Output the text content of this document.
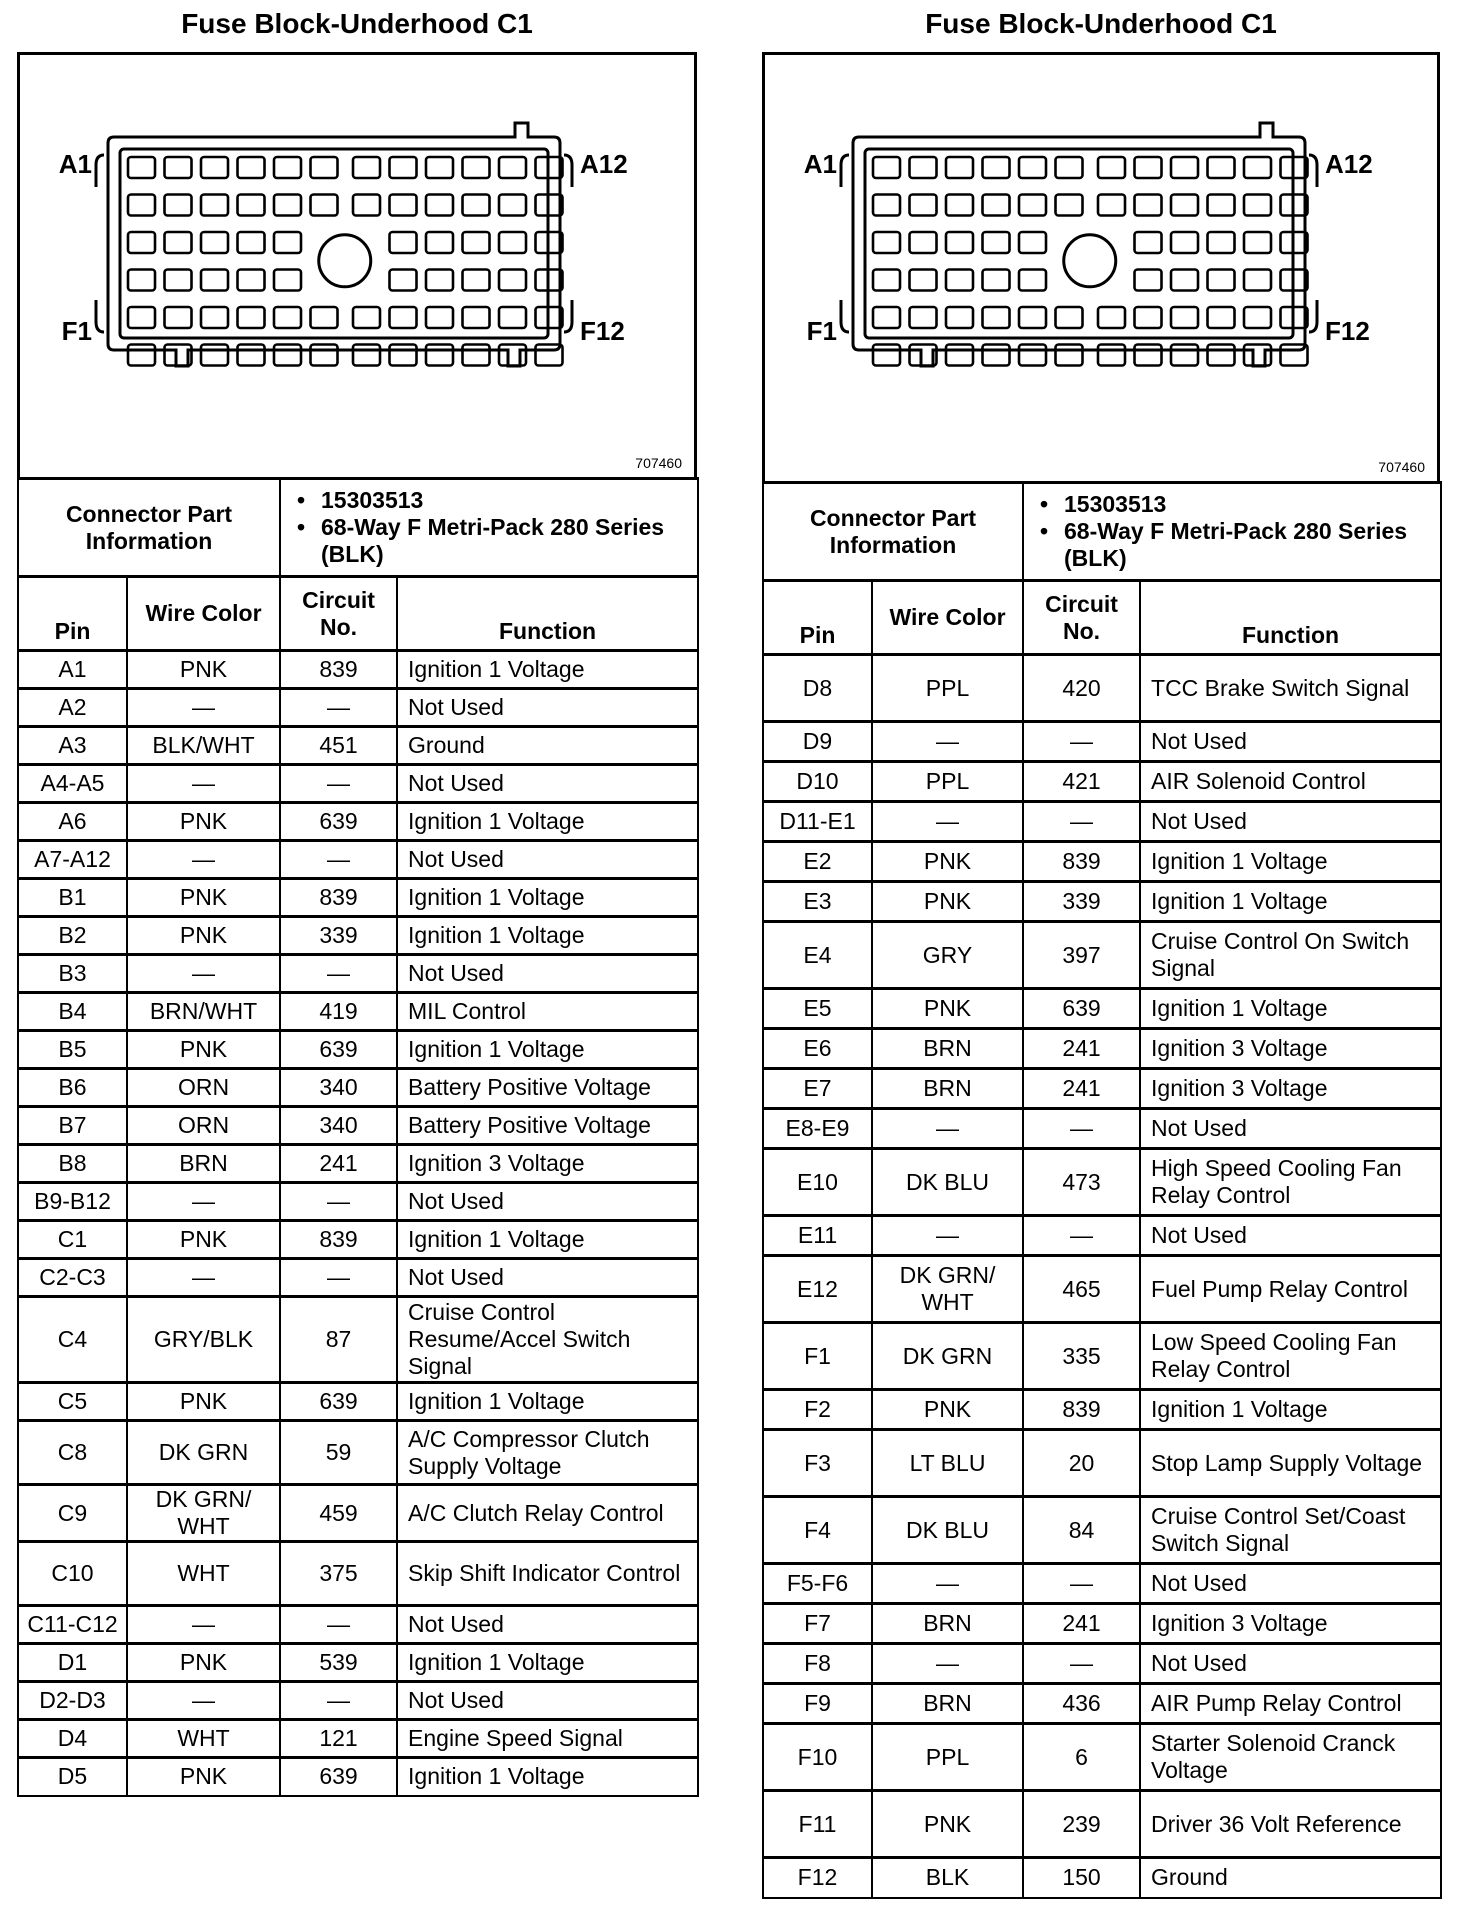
Fuse Block-Underhood C1
A1	A12
F1	F12
707460
Connector Part Information		• 15303513
• 68-Way F Metri-Pack 280 Series (BLK)

Pin	Wire Color	Circuit No.	Function
A1	PNK	839	Ignition 1 Voltage
A2	—	—	Not Used
A3	BLK/WHT	451	Ground
A4-A5	—	—	Not Used
A6	PNK	639	Ignition 1 Voltage
A7-A12	—	—	Not Used
B1	PNK	839	Ignition 1 Voltage
B2	PNK	339	Ignition 1 Voltage
B3	—	—	Not Used
B4	BRN/WHT	419	MIL Control
B5	PNK	639	Ignition 1 Voltage
B6	ORN	340	Battery Positive Voltage
B7	ORN	340	Battery Positive Voltage
B8	BRN	241	Ignition 3 Voltage
B9-B12	—	—	Not Used
C1	PNK	839	Ignition 1 Voltage
C2-C3	—	—	Not Used
C4	GRY/BLK	87	Cruise Control Resume/Accel Switch Signal
C5	PNK	639	Ignition 1 Voltage
C8	DK GRN	59	A/C Compressor Clutch Supply Voltage
C9	DK GRN/ WHT	459	A/C Clutch Relay Control
C10	WHT	375	Skip Shift Indicator Control
C11-C12	—	—	Not Used
D1	PNK	539	Ignition 1 Voltage
D2-D3	—	—	Not Used
D4	WHT	121	Engine Speed Signal
D5	PNK	639	Ignition 1 Voltage
Fuse Block-Underhood C1
A1	A12
F1	F12
707460
Connector Part Information		• 15303513
• 68-Way F Metri-Pack 280 Series (BLK)

Pin	Wire Color	Circuit No.	Function
D8	PPL	420	TCC Brake Switch Signal
D9	—	—	Not Used
D10	PPL	421	AIR Solenoid Control
D11-E1	—	—	Not Used
E2	PNK	839	Ignition 1 Voltage
E3	PNK	339	Ignition 1 Voltage
E4	GRY	397	Cruise Control On Switch Signal
E5	PNK	639	Ignition 1 Voltage
E6	BRN	241	Ignition 3 Voltage
E7	BRN	241	Ignition 3 Voltage
E8-E9	—	—	Not Used
E10	DK BLU	473	High Speed Cooling Fan Relay Control
E11	—	—	Not Used
E12	DK GRN/ WHT	465	Fuel Pump Relay Control
F1	DK GRN	335	Low Speed Cooling Fan Relay Control
F2	PNK	839	Ignition 1 Voltage
F3	LT BLU	20	Stop Lamp Supply Voltage
F4	DK BLU	84	Cruise Control Set/Coast Switch Signal
F5-F6	—	—	Not Used
F7	BRN	241	Ignition 3 Voltage
F8	—	—	Not Used
F9	BRN	436	AIR Pump Relay Control
F10	PPL	6	Starter Solenoid Cranck Voltage
F11	PNK	239	Driver 36 Volt Reference
F12	BLK	150	Ground
